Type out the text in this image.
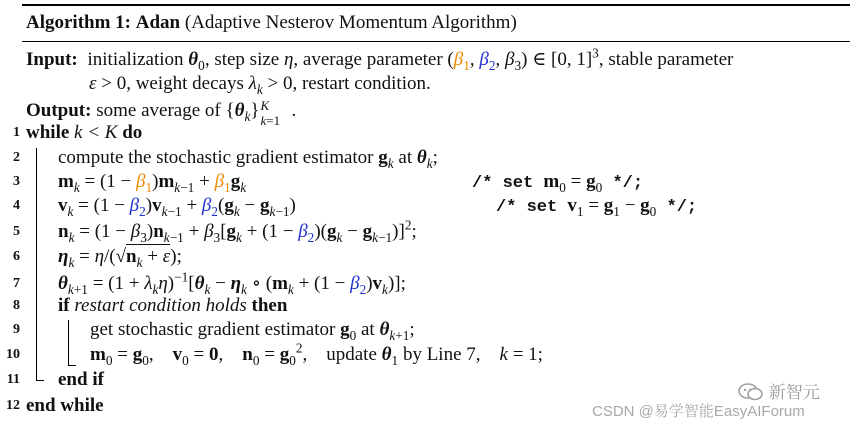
Algorithm 1: Adan (Adaptive Nesterov Momentum Algorithm)
Input: initialization $\theta_0$, step size η, average parameter ($\beta_1$, $\beta_2$, $\beta_3$) ∈ [0, 1]$^3$, stable parameter
ε > 0, weight decays $\lambda_k > 0$, restart condition.
Output: some average of $\{\theta_k\}$ K
k=1 .
1 while k < K do
2 compute the stochastic gradient estimator $g_k$ at $\theta_k$;
3 $m_k = (1 - \beta_1)m_{k-1} + \beta_1g_k$	/* set $m_0 = g_0$ */;
4 $v_k = (1 - \beta_2)v_{k-1} + \beta_2(g_k - g_{k-1})$	/* set $v_1 = g_1 - g_0$ */;
5 $n_k = (1 - \beta_3)n_{k-1} + \beta_3[g_k + (1 - \beta_2)(g_k - g_{k-1})]^2$;
6 $\eta_k = \eta/(√n_k + \varepsilon)$;
7 $\theta_{k+1} = (1 + \lambda_k\eta)^{-1}[\theta_k - \eta_k$ ∘ $(m_k + (1 - \beta_2)v_k)$];
8 if restart condition holds then
9	get stochastic gradient estimator $g_0$ at $\theta_{k+1}$;
10	$m_0 = g_0$,    $v_0 = 0$,    $n_0 = g_0^2$,    update $\theta_1$ by Line 7, k = 1;
11 end if
12 end while
新智元
CSDN @易学智能EasyAIForum
